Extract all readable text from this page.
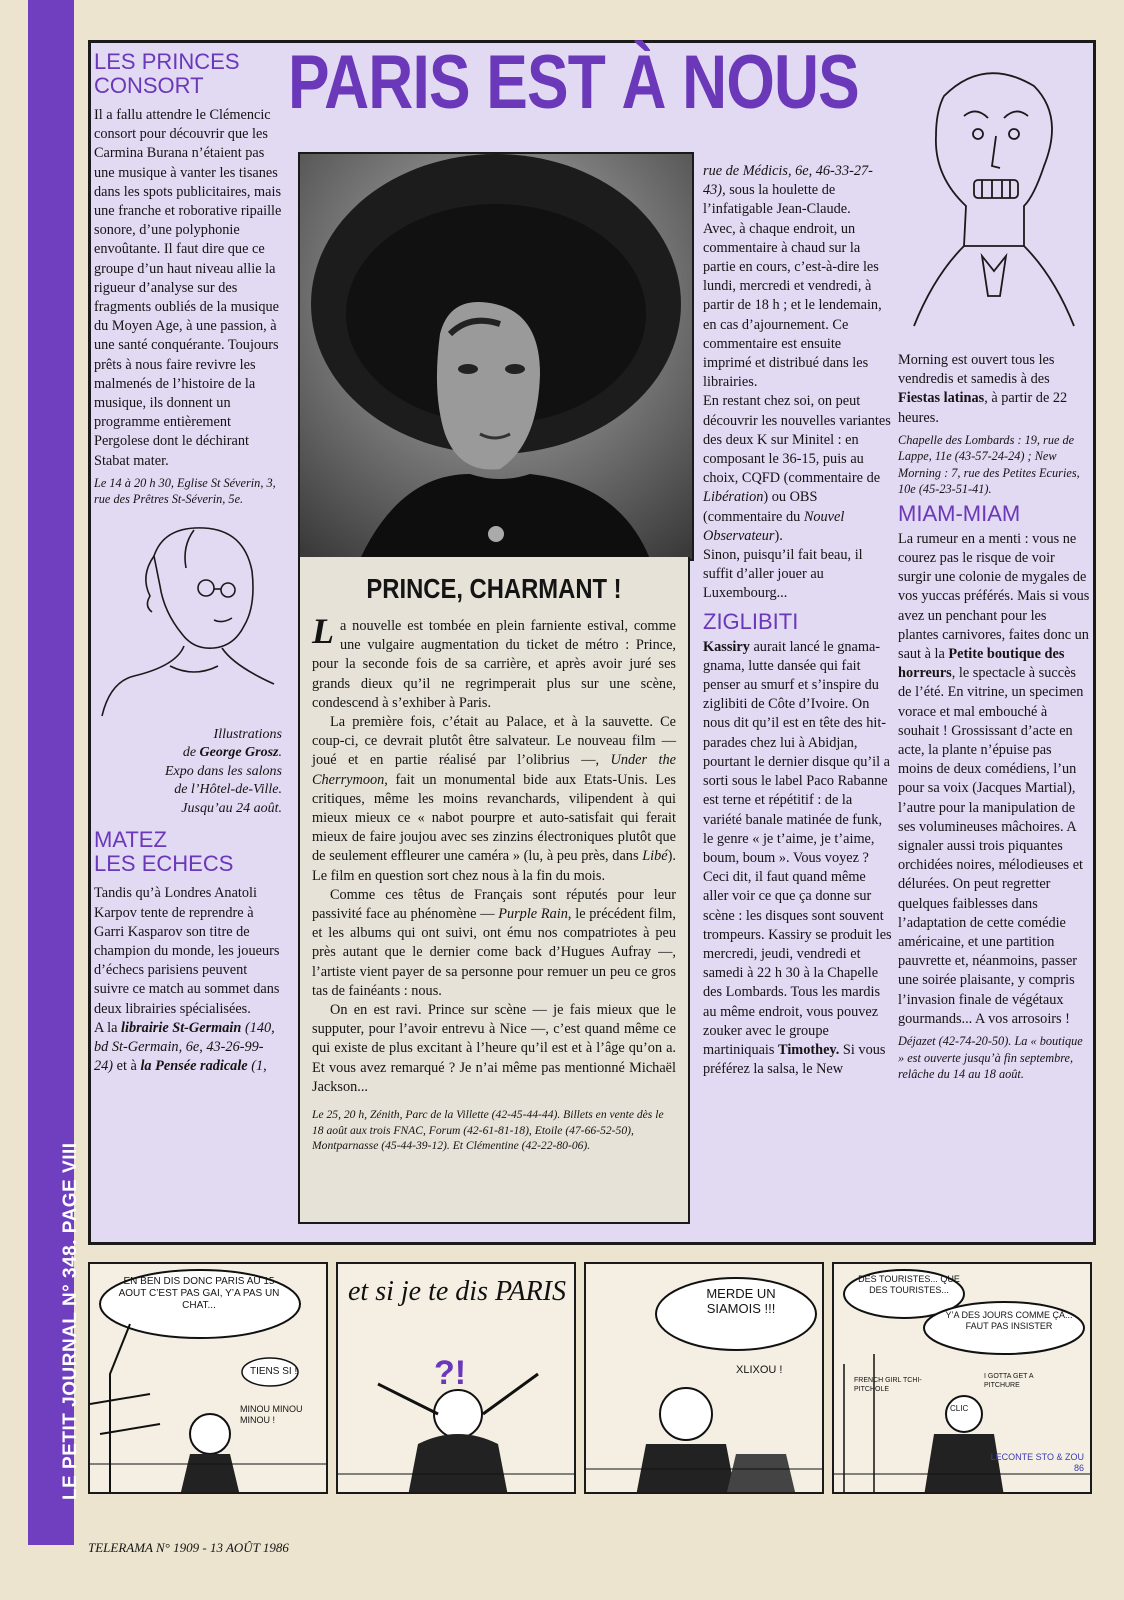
LE PETIT JOURNAL N° 348. PAGE VIII
PARIS EST À NOUS
LES PRINCES
CONSORT

Il a fallu attendre le Clémencic consort pour découvrir que les Carmina Burana n’étaient pas une musique à vanter les tisanes dans les spots publicitaires, mais une franche et roborative ripaille sonore, d’une polyphonie envoûtante. Il faut dire que ce groupe d’un haut niveau allie la rigueur d’analyse sur des fragments oubliés de la musique du Moyen Age, à une passion, à une santé conquérante. Toujours prêts à nous faire revivre les malmenés de l’histoire de la musique, ils donnent un programme entièrement Pergolese dont le déchirant Stabat mater.

Le 14 à 20 h 30, Eglise St Séverin, 3, rue des Prêtres St-Séverin, 5e.

Illustrations
de George Grosz.
Expo dans les salons
de l’Hôtel-de-Ville.
Jusqu’au 24 août.
MATEZ
LES ECHECS

Tandis qu’à Londres Anatoli Karpov tente de reprendre à Garri Kasparov son titre de champion du monde, les joueurs d’échecs parisiens peuvent suivre ce match au sommet dans deux librairies spécialisées.

A la librairie St-Germain (140, bd St-Germain, 6e, 43-26-99-24) et à la Pensée radicale (1,

PRINCE, CHARMANT !

La nouvelle est tombée en plein farniente estival, comme une vulgaire augmentation du ticket de métro : Prince, pour la seconde fois de sa carrière, et après avoir juré ses grands dieux qu’il ne regrimperait plus sur une scène, condescend à s’exhiber à Paris.

La première fois, c’était au Palace, et à la sauvette. Ce coup-ci, ce devrait plutôt être salvateur. Le nouveau film — joué et en partie réalisé par l’olibrius —, Under the Cherrymoon, fait un monumental bide aux Etats-Unis. Les critiques, même les moins revanchards, vilipendent à qui mieux mieux ce « nabot pourpre et auto-satisfait qui ferait mieux de faire joujou avec ses zinzins électroniques plutôt que de seulement effleurer une caméra » (lu, à peu près, dans Libé). Le film en question sort chez nous à la fin du mois.

Comme ces têtus de Français sont réputés pour leur passivité face au phénomène — Purple Rain, le précédent film, et les albums qui ont suivi, ont ému nos compatriotes à peu près autant que le dernier come back d’Hugues Aufray —, l’artiste vient payer de sa personne pour remuer un peu ce gros tas de fainéants : nous.

On en est ravi. Prince sur scène — je fais mieux que le supputer, pour l’avoir entrevu à Nice —, c’est quand même ce qui existe de plus excitant à l’heure qu’il est et à l’âge qu’on a. Et vous avez remarqué ? Je n’ai même pas mentionné Michaël Jackson...

Le 25, 20 h, Zénith, Parc de la Villette (42-45-44-44). Billets en vente dès le 18 août aux trois FNAC, Forum (42-61-81-18), Etoile (47-66-52-50), Montparnasse (45-44-39-12). Et Clémentine (42-22-80-06).

rue de Médicis, 6e, 46-33-27-43), sous la houlette de l’infatigable Jean-Claude.

Avec, à chaque endroit, un commentaire à chaud sur la partie en cours, c’est-à-dire les lundi, mercredi et vendredi, à partir de 18 h ; et le lendemain, en cas d’ajournement. Ce commentaire est ensuite imprimé et distribué dans les librairies.

En restant chez soi, on peut découvrir les nouvelles variantes des deux K sur Minitel : en composant le 36-15, puis au choix, CQFD (commentaire de Libération) ou OBS (commentaire du Nouvel Observateur).

Sinon, puisqu’il fait beau, il suffit d’aller jouer au Luxembourg...

ZIGLIBITI

Kassiry aurait lancé le gnama-gnama, lutte dansée qui fait penser au smurf et s’inspire du ziglibiti de Côte d’Ivoire. On nous dit qu’il est en tête des hit-parades chez lui à Abidjan, pourtant le dernier disque qu’il a sorti sous le label Paco Rabanne est terne et répétitif : de la variété banale matinée de funk, le genre « je t’aime, je t’aime, boum, boum ». Vous voyez ? Ceci dit, il faut quand même aller voir ce que ça donne sur scène : les disques sont souvent trompeurs. Kassiry se produit les mercredi, jeudi, vendredi et samedi à 22 h 30 à la Chapelle des Lombards. Tous les mardis au même endroit, vous pouvez zouker avec le groupe martiniquais Timothey. Si vous préférez la salsa, le New

Morning est ouvert tous les vendredis et samedis à des Fiestas latinas, à partir de 22 heures.

Chapelle des Lombards : 19, rue de Lappe, 11e (43-57-24-24) ; New Morning : 7, rue des Petites Ecuries, 10e (45-23-51-41).

MIAM-MIAM

La rumeur en a menti : vous ne courez pas le risque de voir surgir une colonie de mygales de vos yuccas préférés. Mais si vous avez un penchant pour les plantes carnivores, faites donc un saut à la Petite boutique des horreurs, le spectacle à succès de l’été. En vitrine, un specimen vorace et mal embouché à souhait ! Grossissant d’acte en acte, la plante n’épuise pas moins de deux comédiens, l’un pour sa voix (Jacques Martial), l’autre pour la manipulation de ses volumineuses mâchoires. A signaler aussi trois piquantes orchidées noires, mélodieuses et délurées. On peut regretter quelques faiblesses dans l’adaptation de cette comédie américaine, et une partition pauvrette et, néanmoins, passer une soirée plaisante, y compris l’invasion finale de végétaux gourmands... A vos arrosoirs !

Déjazet (42-74-20-50). La « boutique » est ouverte jusqu’à fin septembre, relâche du 14 au 18 août.

EN BEN DIS DONC PARIS AU 15 AOUT C’EST PAS GAI, Y’A PAS UN CHAT...
TIENS SI !
MINOU MINOU MINOU !
et si je te dis PARIS
?!
MERDE UN SIAMOIS !!!
XLIXOU !
DES TOURISTES... QUE DES TOURISTES...
Y’A DES JOURS COMME ÇA... FAUT PAS INSISTER
I GOTTA GET A PITCHURE
FRENCH GIRL TCHI-PITCHOLE
CLIC
LECONTE STO & ZOU 86
TELERAMA N° 1909 - 13 AOÛT 1986
